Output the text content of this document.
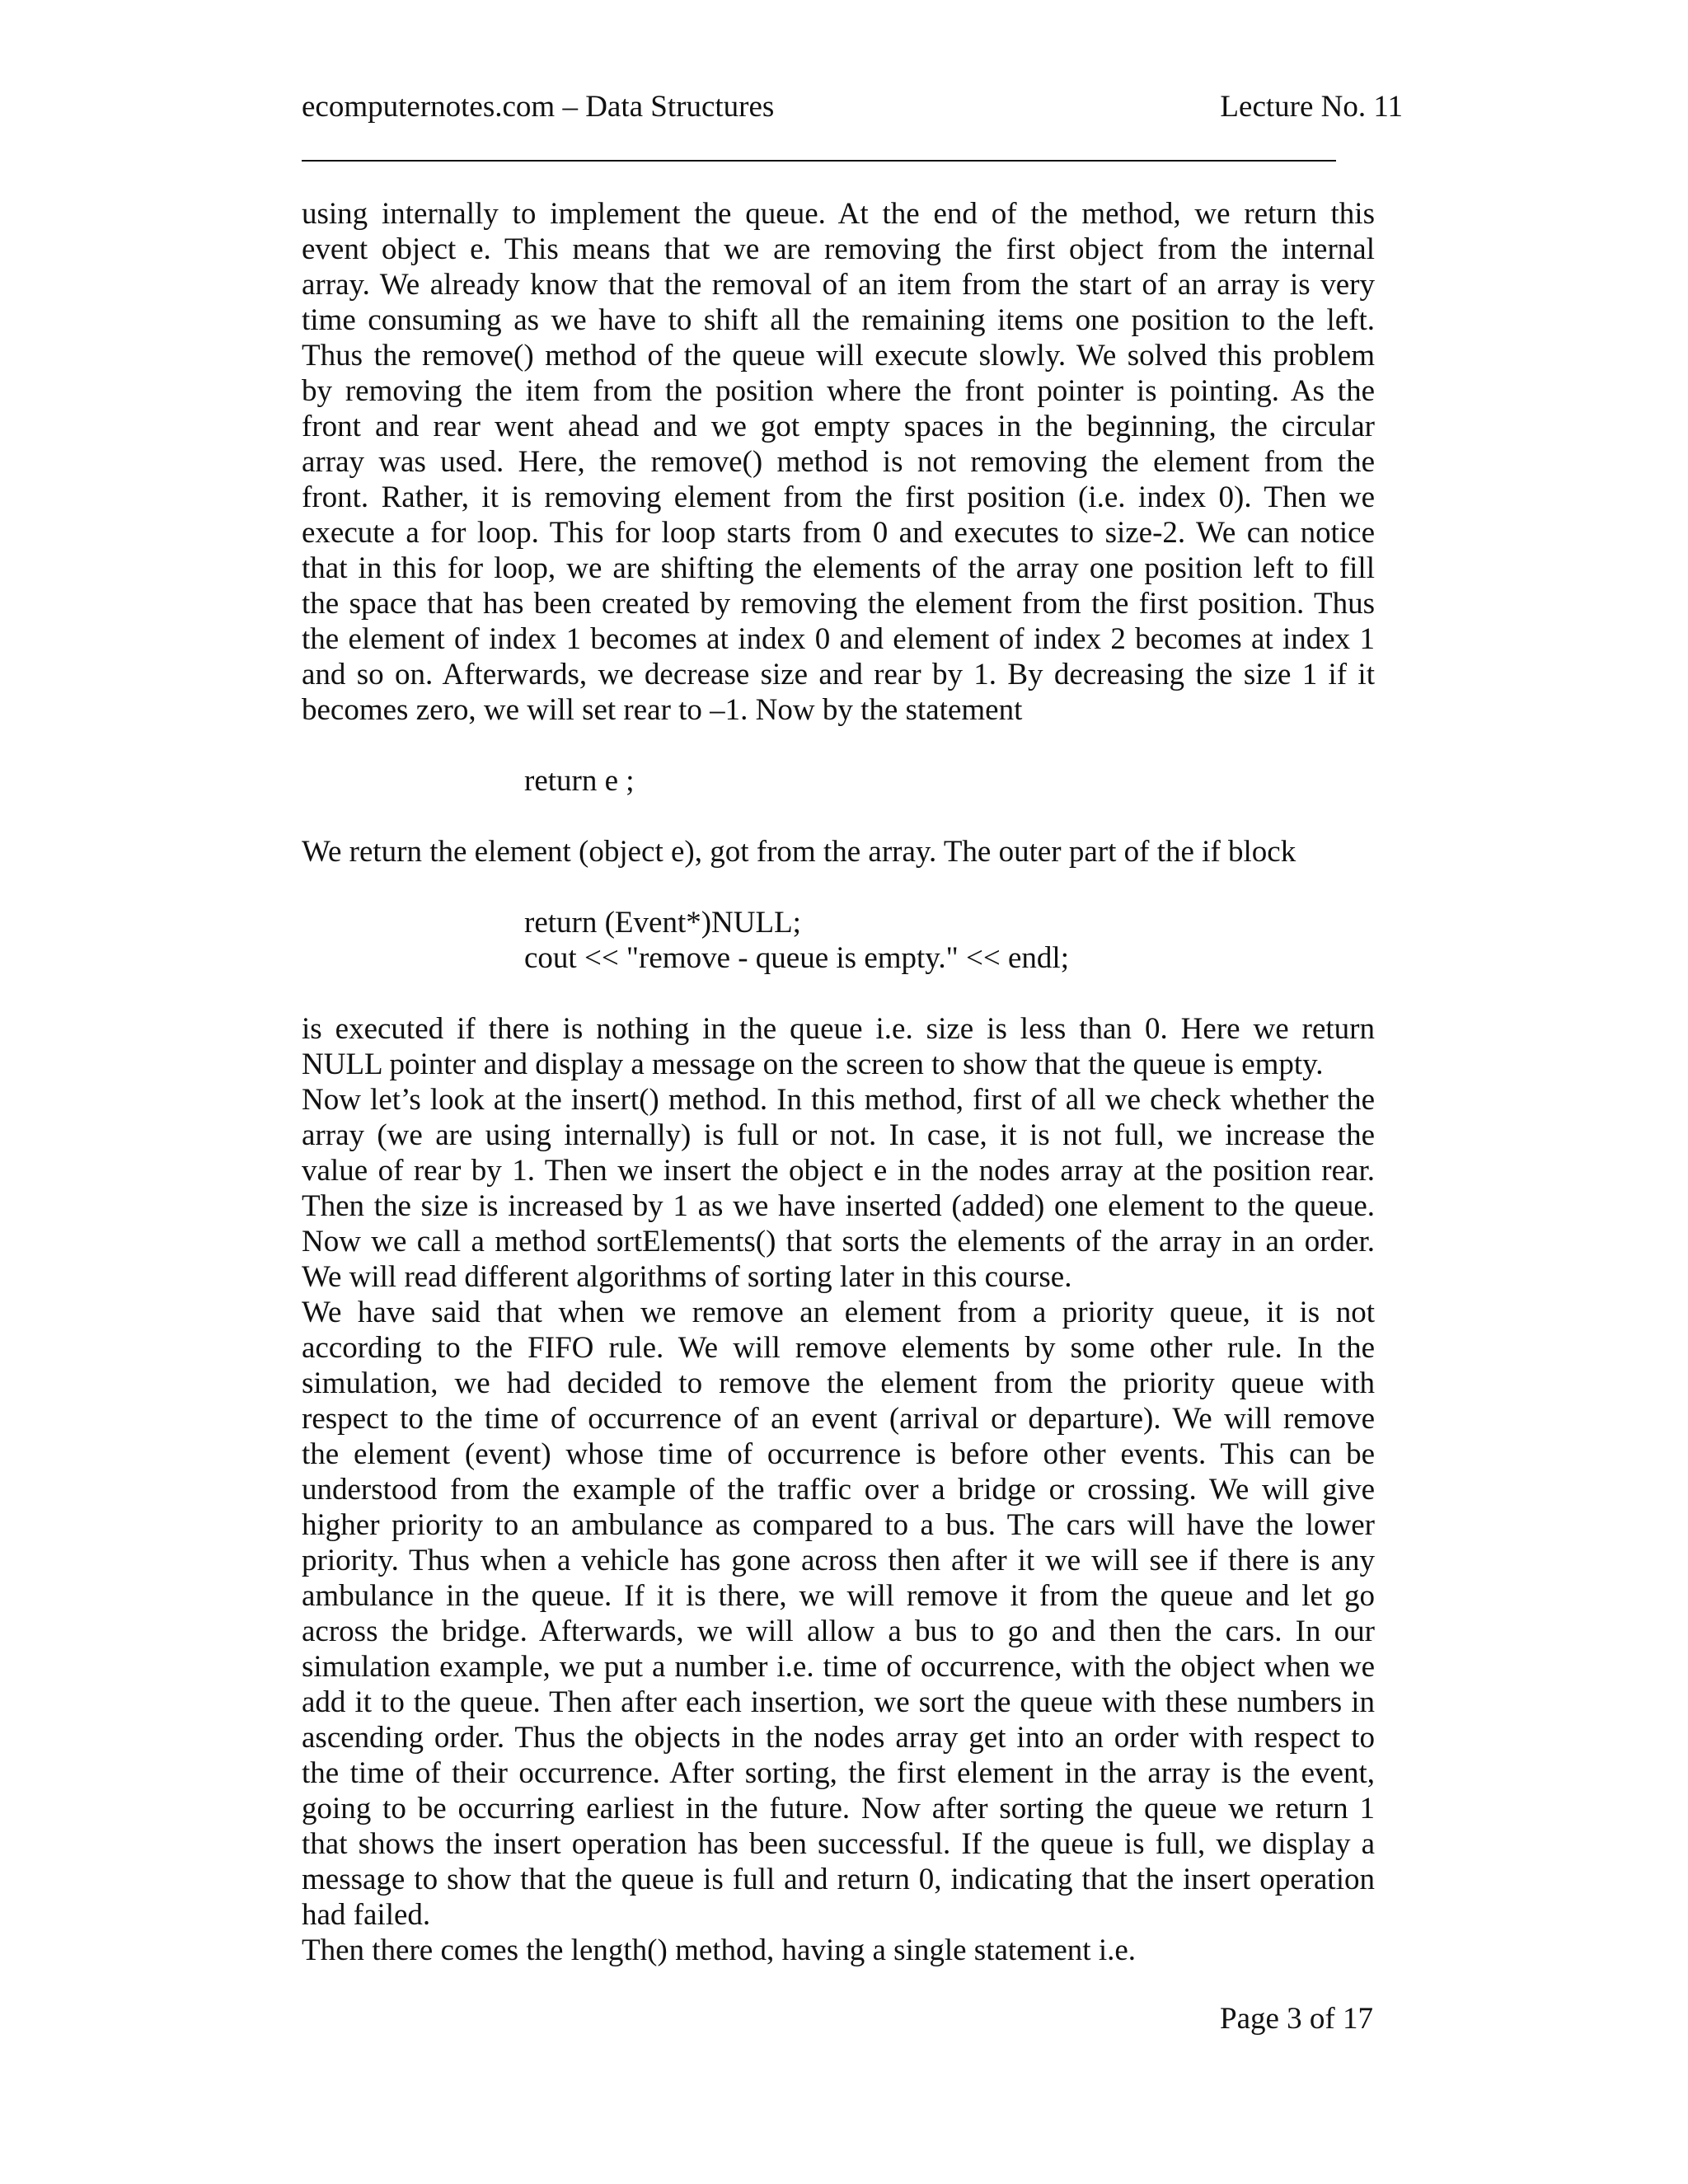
ecomputernotes.com – Data Structures	Lecture No. 11
using internally to implement the queue. At the end of the method, we return this
event object e. This means that we are removing the first object from the internal
array. We already know that the removal of an item from the start of an array is very
time consuming as we have to shift all the remaining items one position to the left.
Thus the remove() method of the queue will execute slowly. We solved this problem
by removing the item from the position where the front pointer is pointing. As the
front and rear went ahead and we got empty spaces in the beginning, the circular
array was used. Here, the remove() method is not removing the element from the
front. Rather, it is removing element from the first position (i.e. index 0). Then we
execute a for loop. This for loop starts from 0 and executes to size-2. We can notice
that in this for loop, we are shifting the elements of the array one position left to fill
the space that has been created by removing the element from the first position. Thus
the element of index 1 becomes at index 0 and element of index 2 becomes at index 1
and so on. Afterwards, we decrease size and rear by 1. By decreasing the size 1 if it
becomes zero, we will set rear to –1. Now by the statement
return e ;
We return the element (object e), got from the array. The outer part of the if block
return (Event*)NULL;
cout << "remove - queue is empty." << endl;
is executed if there is nothing in the queue i.e. size is less than 0. Here we return
NULL pointer and display a message on the screen to show that the queue is empty.
Now let’s look at the insert() method. In this method, first of all we check whether the
array (we are using internally) is full or not. In case, it is not full, we increase the
value of rear by 1. Then we insert the object e in the nodes array at the position rear.
Then the size is increased by 1 as we have inserted (added) one element to the queue.
Now we call a method sortElements() that sorts the elements of the array in an order.
We will read different algorithms of sorting later in this course.
We have said that when we remove an element from a priority queue, it is not
according to the FIFO rule. We will remove elements by some other rule. In the
simulation, we had decided to remove the element from the priority queue with
respect to the time of occurrence of an event (arrival or departure). We will remove
the element (event) whose time of occurrence is before other events. This can be
understood from the example of the traffic over a bridge or crossing. We will give
higher priority to an ambulance as compared to a bus. The cars will have the lower
priority. Thus when a vehicle has gone across then after it we will see if there is any
ambulance in the queue. If it is there, we will remove it from the queue and let go
across the bridge. Afterwards, we will allow a bus to go and then the cars. In our
simulation example, we put a number i.e. time of occurrence, with the object when we
add it to the queue. Then after each insertion, we sort the queue with these numbers in
ascending order. Thus the objects in the nodes array get into an order with respect to
the time of their occurrence. After sorting, the first element in the array is the event,
going to be occurring earliest in the future. Now after sorting the queue we return 1
that shows the insert operation has been successful. If the queue is full, we display a
message to show that the queue is full and return 0, indicating that the insert operation
had failed.
Then there comes the length() method, having a single statement i.e.
Page 3 of 17
